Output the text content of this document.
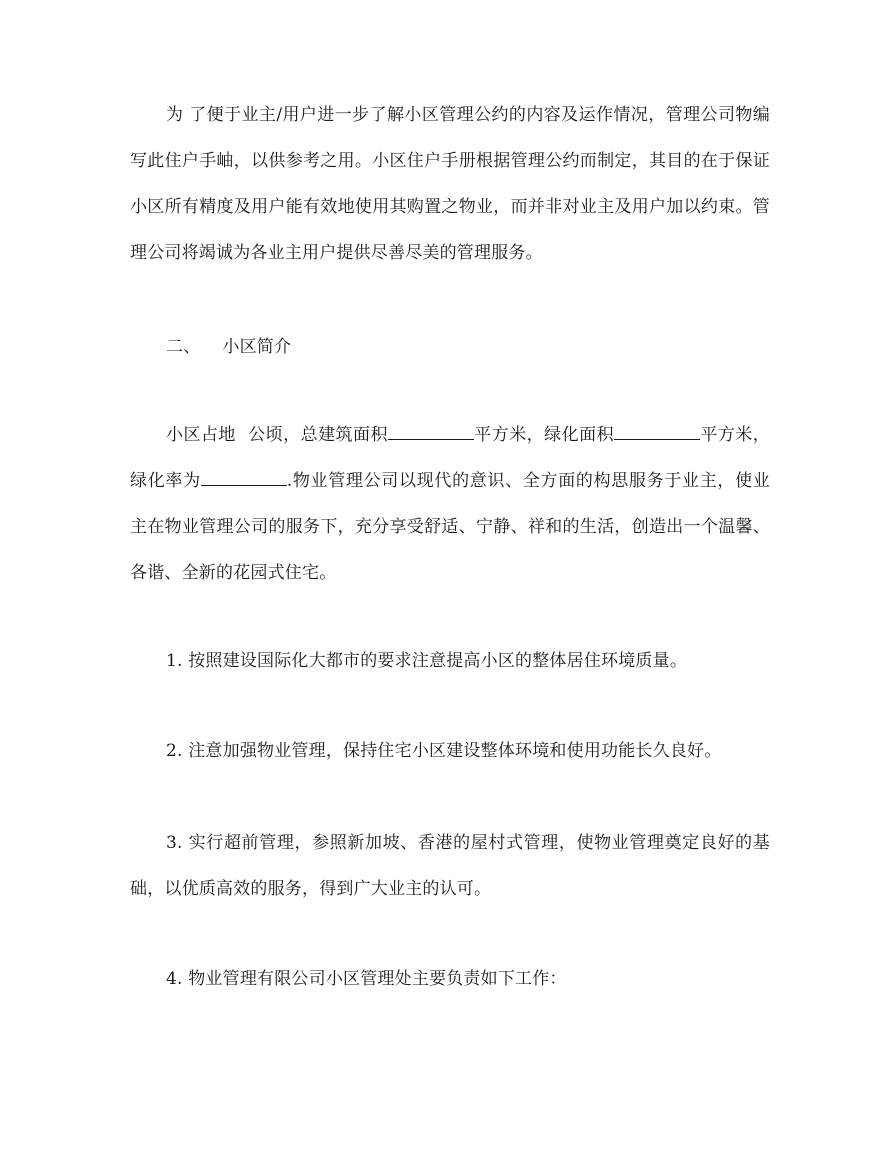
为 了便于业主/用户进一步了解小区管理公约的内容及运作情况，管理公司物编写此住户手岫，以供参考之用。小区住户手册根据管理公约而制定，其目的在于保证小区所有精度及用户能有效地使用其购置之物业，而并非对业主及用户加以约束。管理公司将竭诚为各业主用户提供尽善尽美的管理服务。

二、 小区简介

小区占地 公顷，总建筑面积	平方米，绿化面积	平方米，绿化率为	.物业管理公司以现代的意识、全方面的构思服务于业主，使业主在物业管理公司的服务下，充分享受舒适、宁静、祥和的生活，创造出一个温馨、各谐、全新的花园式住宅。

1. 按照建设国际化大都市的要求注意提高小区的整体居住环境质量。

2. 注意加强物业管理，保持住宅小区建设整体环境和使用功能长久良好。

3. 实行超前管理，参照新加坡、香港的屋村式管理，使物业管理奠定良好的基础，以优质高效的服务，得到广大业主的认可。

4. 物业管理有限公司小区管理处主要负责如下工作：
